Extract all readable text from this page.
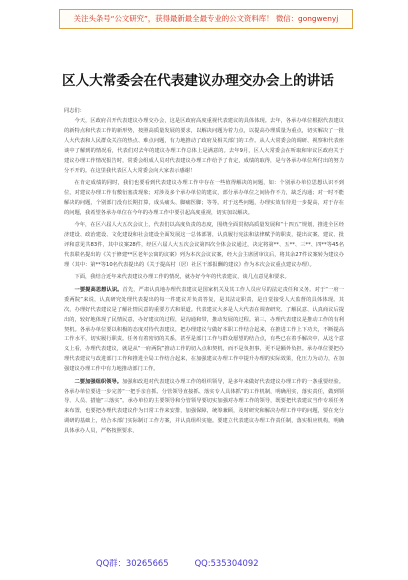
关注头条号“公文研究”，获得最新最全最专业的公文资料库！ 微信：gongwenyj
区人大常委会在代表建议办理交办会上的讲话

同志们：

今天，区政府召开代表建议办理交办会，这是区政府高度重视代表建议的具体体现。去年，各承办单位根据代表建议的新特点和代表工作的新形势，按照高质量发展的要求，以解决问题为着力点，以提高办理质量为重点，切实解决了一批人大代表和人民群众关注的热点、难点问题，有力地推动了政府及相关部门的工作。从人大常委会的调研、视察和代表座谈中了解到的情况看，代表们对去年的建议办理工作总体上是满意的。去年9月，区人大常委会在听取和审议区政府关于建议办理工作情况报告时，常委会组成人员对代表建议办理工作给予了肯定，成绩的取得，是与各承办单位所付出的努力分不开的。在这里我代表区人大常委会向大家表示感谢！

在肯定成绩的同时，我们也要看到代表建议办理工作中存在一些值得解决的问题，如：个别承办单位思想认识不到位，对建议办理工作有敷衍塞责现象；对涉及多个承办单位的建议，部分承办单位之间协作不力，缺乏沟通；对一时不能解决的问题，个别部门没有长期打算，成头痛头、脚痛医脚；等等。对于这些问题，办理实效有待进一步提高，对于存在的问题，我希望各承办单位在今年的办理工作中要引起高度重视，切实加以解决。

今年，在区六届人大五次会议上，代表们以高度负责的态度，围绕全面贯彻高质量发展和“十四五”规划，推进全区经济建设、政治建设、文化建设和社会建设全面发展这一总体部署，认真履行宪法和法律赋予的职责，提出议案、建议、批评和意见共83件，其中议案28件，经区六届人大五次会议第四次全体会议通过，决定将第**、五**、三**、四**等45名代表联名提出的《关于修建**区老年公寓的议案》列为本次会议议案，经大会主席团审议后，将其余27件议案转为建议办理（其中：第**等10名代表提出的《关于提高村（居）社区干部报酬的建议》作为本次会议重点建议办理）。

下面，我结合近年来代表建议办理工作的情况，就办好今年的代表建议，谈几点意见和要求。

一要提高思想认识。首先，严肃认真地办理代表建议是国家机关及其工作人员应尽的法定责任和义务。对于“一府一委两院”来说，认真研究处理代表提出的每一件建议并负责答复，是其法定职责，是自觉接受人大监督的具体体现。其次，办理好代表建议是了解社情民意的重要方式和渠道。代表建议大多是人大代表在调查研究、了解民意、认真商议后提出的，较好地体现了民情民意，办好建议的过程，是沟通和带，推动发展的过程。第三，办理代表建议是推动工作的有利契机。各承办单位要以积极的态度对待代表建议，把办理建议与做好本职工作结合起来，在推进工作上下功夫，不断提高工作水平，切实履行职责。任务有着密切的关系，甚至是部门工作与群众愿望的结合点，有些已在着手解决中，从这个意义上看，办理代表建议，就是从“一府两院”推动工作的切入点和契机，而不是负担事，更不是额外负担。承办单位要把办理代表建议与改进部门工作和推进全局工作结合起来，在加强建议办理工作中提升办理的实际效果，化压力为动力，在加强建议办理工作中有力地推动部门工作。

二要加强组织领导。加强和改进对代表建议办理工作的组织领导，是多年来做好代表建议办理工作的一条重要经验。各承办单位要进一步完善“一把手亲自抓、分管领导直接抓、落实专人具体抓”的工作机制，明确用实，落实责任，做到领导、人员、措施“三落实”。承办单位的主要领导和分管领导要切实加强对办理工作的领导，既要把代表建议当作专项任务来布置，也要把办理代表建议作为日常工作来安排，加强保障，统筹兼顾，及时研究和解决办理工作中的问题，要在充分调研的基础上，结合本部门实际制订工作方案，并认真组织实施。要建立代表建议办理工作责任制，落实相应机构，明确具体承办人员，严格按照要求，

QQ群：30265665	QQ:535304092
